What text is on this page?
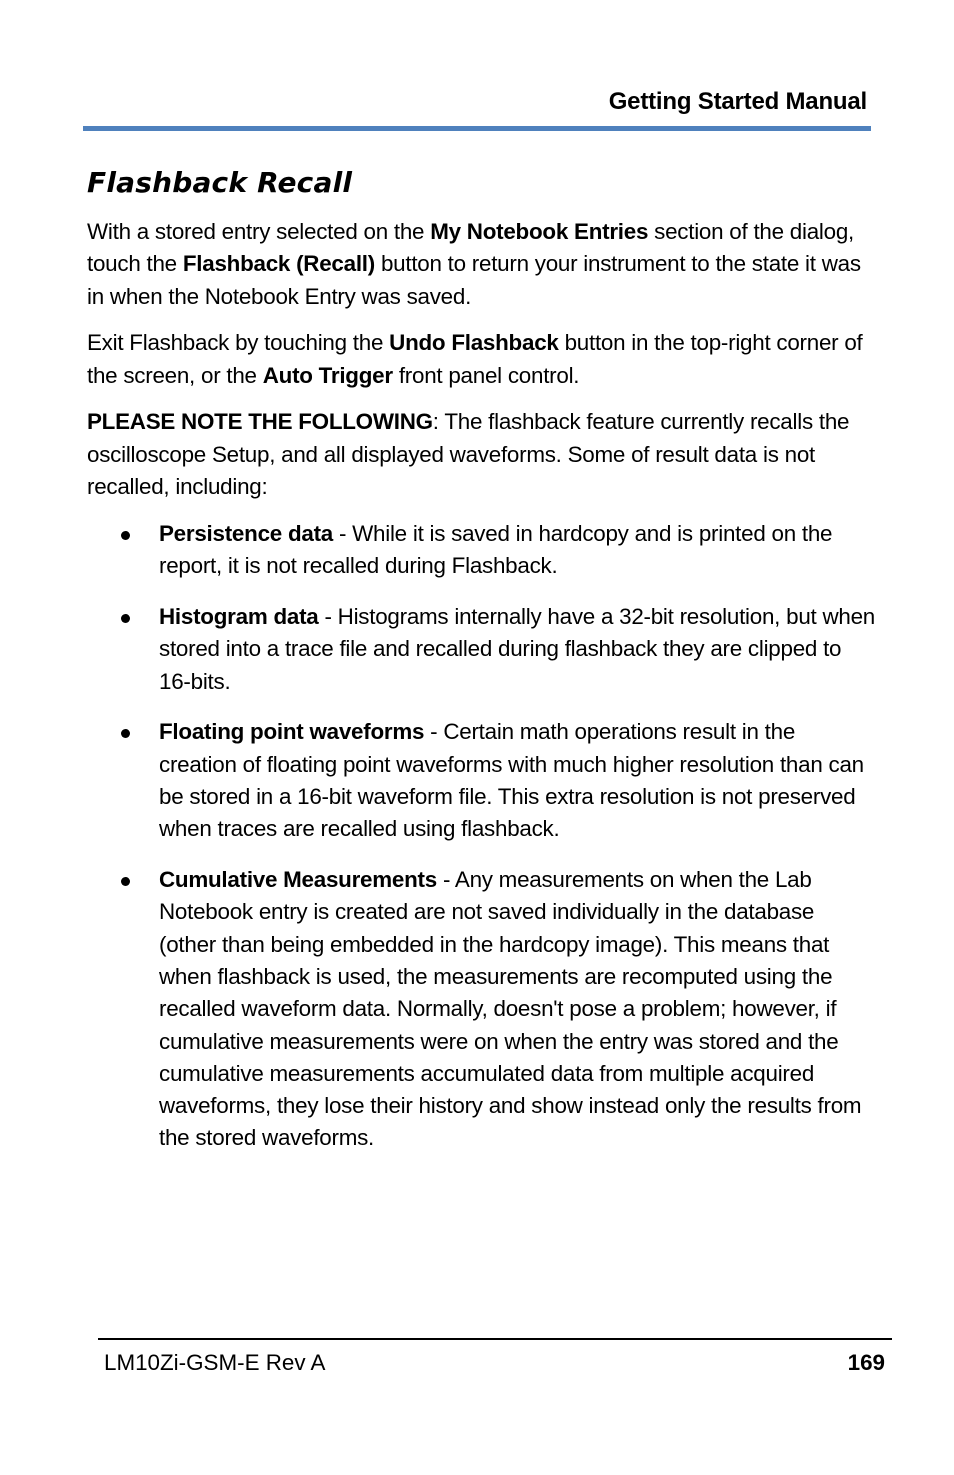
Getting Started Manual
Flashback Recall

With a stored entry selected on the My Notebook Entries section of the dialog, touch the Flashback (Recall) button to return your instrument to the state it was in when the Notebook Entry was saved.

Exit Flashback by touching the Undo Flashback button in the top-right corner of the screen, or the Auto Trigger front panel control.

PLEASE NOTE THE FOLLOWING: The flashback feature currently recalls the oscilloscope Setup, and all displayed waveforms. Some of result data is not recalled, including:

Persistence data - While it is saved in hardcopy and is printed on the report, it is not recalled during Flashback.
Histogram data - Histograms internally have a 32-bit resolution, but when stored into a trace file and recalled during flashback they are clipped to 16-bits.
Floating point waveforms - Certain math operations result in the creation of floating point waveforms with much higher resolution than can be stored in a 16-bit waveform file. This extra resolution is not preserved when traces are recalled using flashback.
Cumulative Measurements - Any measurements on when the Lab Notebook entry is created are not saved individually in the database (other than being embedded in the hardcopy image). This means that when flashback is used, the measurements are recomputed using the recalled waveform data. Normally, doesn't pose a problem; however, if cumulative measurements were on when the entry was stored and the cumulative measurements accumulated data from multiple acquired waveforms, they lose their history and show instead only the results from the stored waveforms.
LM10Zi-GSM-E Rev A	169
